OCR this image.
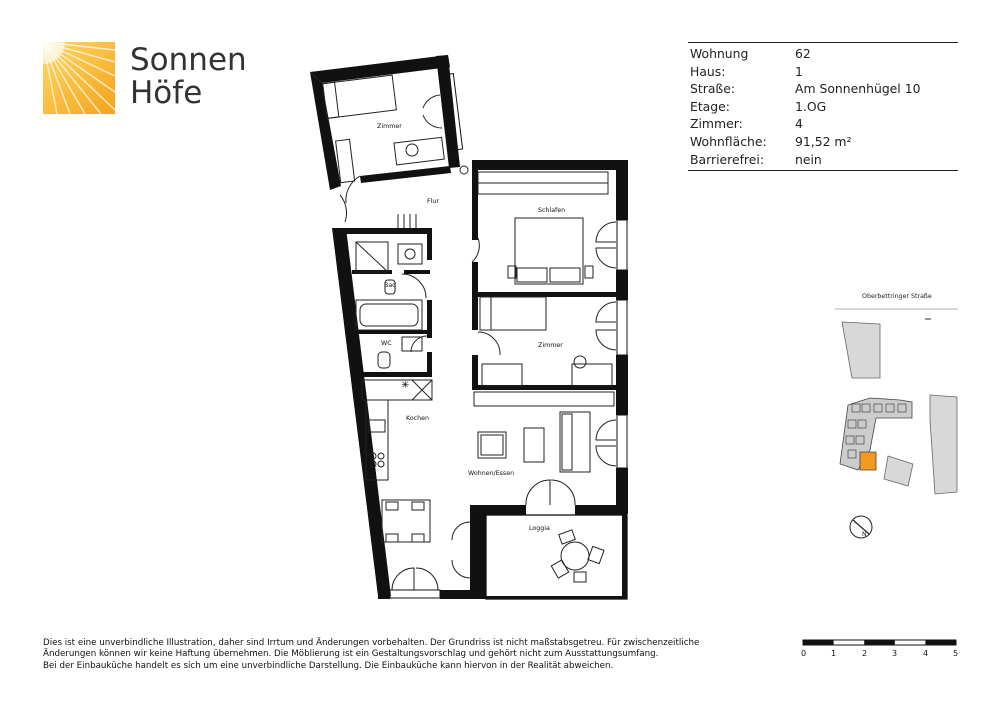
Sonnen
Höfe
Wohnung	62
Haus:	1
Straße:	Am Sonnenhügel 10
Etage:	1.OG
Zimmer:	4
Wohnfläche:	91,52 m²
Barrierefrei:	nein
✳
Zimmer
Flur
Schlafen
Bad
WC	Zimmer
Kochen
Wohnen/Essen
Loggia
Oberbettringer Straße
N
Dies ist eine unverbindliche Illustration, daher sind Irrtum und Änderungen vorbehalten. Der Grundriss ist nicht maßstabsgetreu. Für zwischenzeitliche
Änderungen können wir keine Haftung übernehmen. Die Möblierung ist ein Gestaltungsvorschlag und gehört nicht zum Ausstattungsumfang.
Bei der Einbauküche handelt es sich um eine unverbindliche Darstellung. Die Einbauküche kann hiervon in der Realität abweichen.
0	1	2	3	4	5
